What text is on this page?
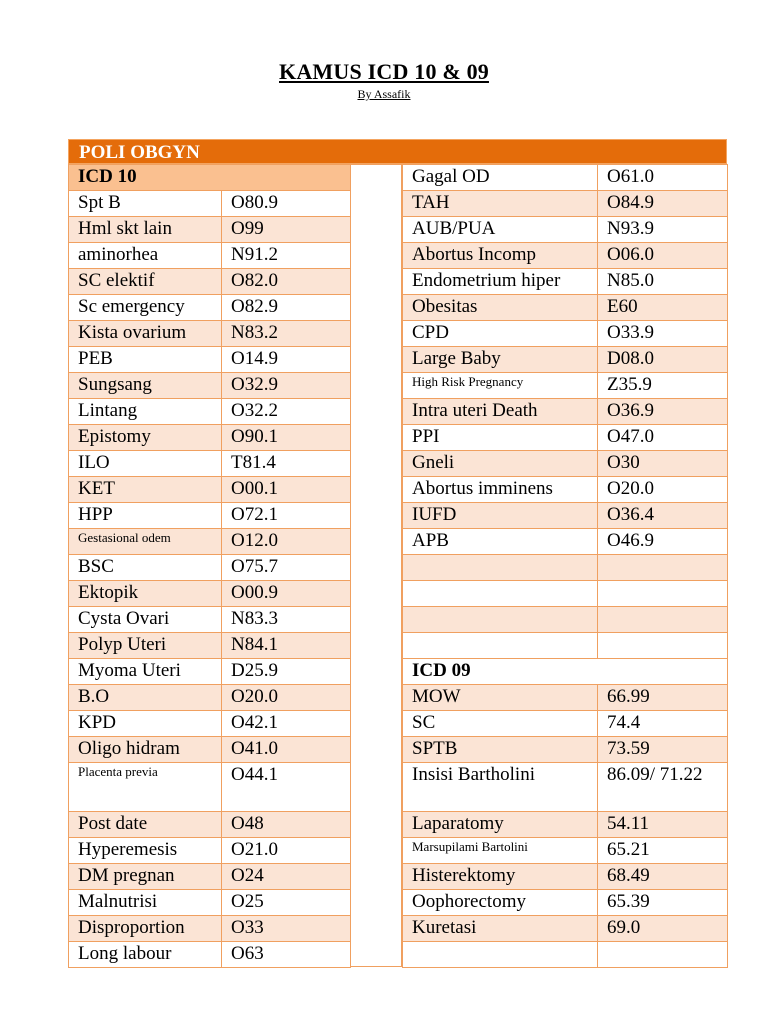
KAMUS ICD 10 & 09
By Assafik
POLI OBGYN
ICD 10	
Spt B	O80.9
Hml skt lain	O99
aminorhea	N91.2
SC elektif	O82.0
Sc emergency	O82.9
Kista ovarium	N83.2
PEB	O14.9
Sungsang	O32.9
Lintang	O32.2
Epistomy	O90.1
ILO	T81.4
KET	O00.1
HPP	O72.1
Gestasional odem	O12.0
BSC	O75.7
Ektopik	O00.9
Cysta Ovari	N83.3
Polyp Uteri	N84.1
Myoma Uteri	D25.9
B.O	O20.0
KPD	O42.1
Oligo hidram	O41.0
Placenta previa	O44.1
Post date	O48
Hyperemesis	O21.0
DM pregnan	O24
Malnutrisi	O25
Disproportion	O33
Long labour	O63
Gagal OD	O61.0
TAH	O84.9
AUB/PUA	N93.9
Abortus Incomp	O06.0
Endometrium hiper	N85.0
Obesitas	E60
CPD	O33.9
Large Baby	D08.0
High Risk Pregnancy	Z35.9
Intra uteri Death	O36.9
PPI	O47.0
Gneli	O30
Abortus imminens	O20.0
IUFD	O36.4
APB	O46.9

ICD 09	
MOW	66.99
SC	74.4
SPTB	73.59
Insisi Bartholini	86.09/ 71.22
Laparatomy	54.11
Marsupilami Bartolini	65.21
Histerektomy	68.49
Oophorectomy	65.39
Kuretasi	69.0
